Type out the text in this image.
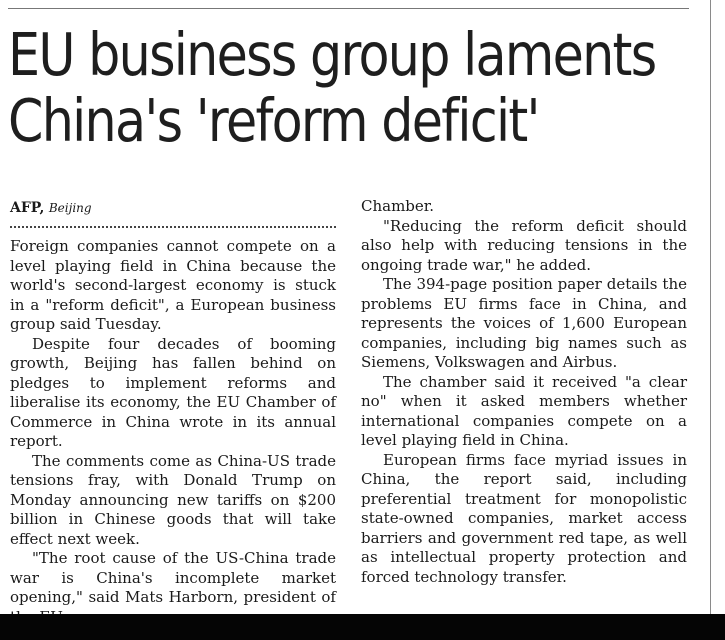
EU business group laments
China's 'reform deficit'
AFP, Beijing

Foreign companies cannot compete on a level playing field in China because the world's second-largest economy is stuck in a "reform deficit", a European business group said Tuesday.

Despite four decades of booming growth, Beijing has fallen behind on pledges to implement reforms and liberalise its economy, the EU Chamber of Commerce in China wrote in its annual report.

The comments come as China-US trade tensions fray, with Donald Trump on Monday announcing new tariffs on $200 billion in Chinese goods that will take effect next week.

"The root cause of the US-China trade war is China's incomplete market opening," said Mats Harborn, president of

Chamber.

"Reducing the reform deficit should also help with reducing tensions in the ongoing trade war," he added.

The 394-page position paper details the problems EU firms face in China, and represents the voices of 1,600 European companies, including big names such as Siemens, Volkswagen and Airbus.

The chamber said it received "a clear no" when it asked members whether international companies compete on a level playing field in China.

European firms face myriad issues in China, the report said, including preferential treatment for monopolistic state-owned companies, market access barriers and government red tape, as well as intellectual property protection and forced technology transfer.
